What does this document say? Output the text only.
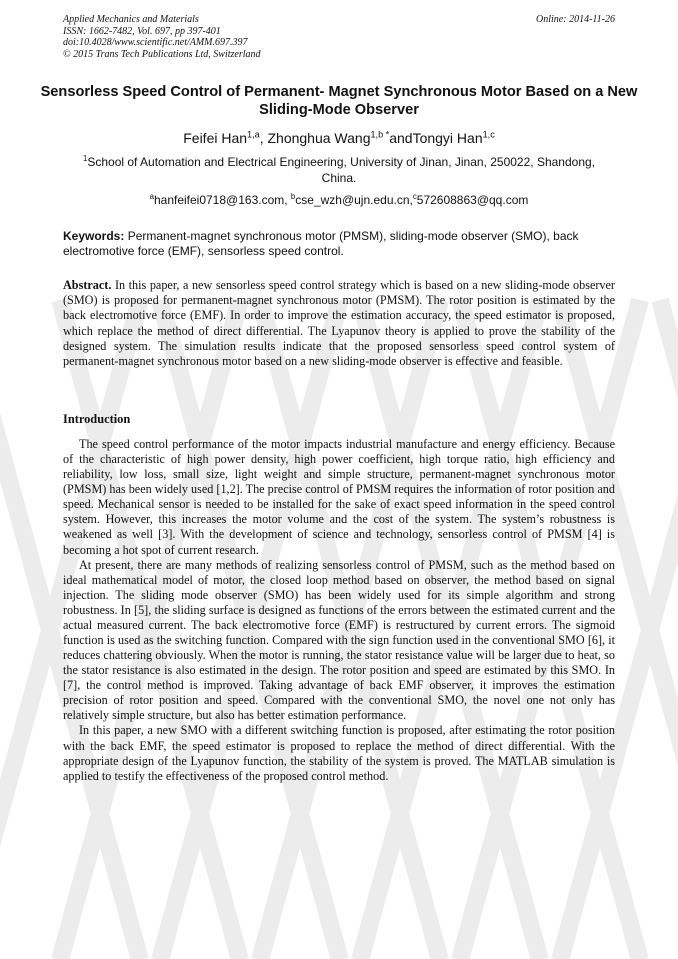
Applied Mechanics and Materials
ISSN: 1662-7482, Vol. 697, pp 397-401
doi:10.4028/www.scientific.net/AMM.697.397
© 2015 Trans Tech Publications Ltd, Switzerland
Online: 2014-11-26
Sensorless Speed Control of Permanent- Magnet Synchronous Motor Based on a New Sliding-Mode Observer
Feifei Han$^{1,a}$, Zhonghua Wang$^{1,b *}$andTongyi Han$^{1,c}$
$^1$School of Automation and Electrical Engineering, University of Jinan, Jinan, 250022, Shandong, China.
$^a$hanfeifei0718@163.com, $^b$cse_wzh@ujn.edu.cn,$^c$572608863@qq.com
Keywords: Permanent-magnet synchronous motor (PMSM), sliding-mode observer (SMO), back electromotive force (EMF), sensorless speed control.
Abstract. In this paper, a new sensorless speed control strategy which is based on a new sliding-mode observer (SMO) is proposed for permanent-magnet synchronous motor (PMSM). The rotor position is estimated by the back electromotive force (EMF). In order to improve the estimation accuracy, the speed estimator is proposed, which replace the method of direct differential. The Lyapunov theory is applied to prove the stability of the designed system. The simulation results indicate that the proposed sensorless speed control system of permanent-magnet synchronous motor based on a new sliding-mode observer is effective and feasible.
Introduction

The speed control performance of the motor impacts industrial manufacture and energy efficiency. Because of the characteristic of high power density, high power coefficient, high torque ratio, high efficiency and reliability, low loss, small size, light weight and simple structure, permanent-magnet synchronous motor (PMSM) has been widely used [1,2]. The precise control of PMSM requires the information of rotor position and speed. Mechanical sensor is needed to be installed for the sake of exact speed information in the speed control system. However, this increases the motor volume and the cost of the system. The system’s robustness is weakened as well [3]. With the development of science and technology, sensorless control of PMSM [4] is becoming a hot spot of current research.

At present, there are many methods of realizing sensorless control of PMSM, such as the method based on ideal mathematical model of motor, the closed loop method based on observer, the method based on signal injection. The sliding mode observer (SMO) has been widely used for its simple algorithm and strong robustness. In [5], the sliding surface is designed as functions of the errors between the estimated current and the actual measured current. The back electromotive force (EMF) is restructured by current errors. The sigmoid function is used as the switching function. Compared with the sign function used in the conventional SMO [6], it reduces chattering obviously. When the motor is running, the stator resistance value will be larger due to heat, so the stator resistance is also estimated in the design. The rotor position and speed are estimated by this SMO. In [7], the control method is improved. Taking advantage of back EMF observer, it improves the estimation precision of rotor position and speed. Compared with the conventional SMO, the novel one not only has relatively simple structure, but also has better estimation performance.

In this paper, a new SMO with a different switching function is proposed, after estimating the rotor position with the back EMF, the speed estimator is proposed to replace the method of direct differential. With the appropriate design of the Lyapunov function, the stability of the system is proved. The MATLAB simulation is applied to testify the effectiveness of the proposed control method.
